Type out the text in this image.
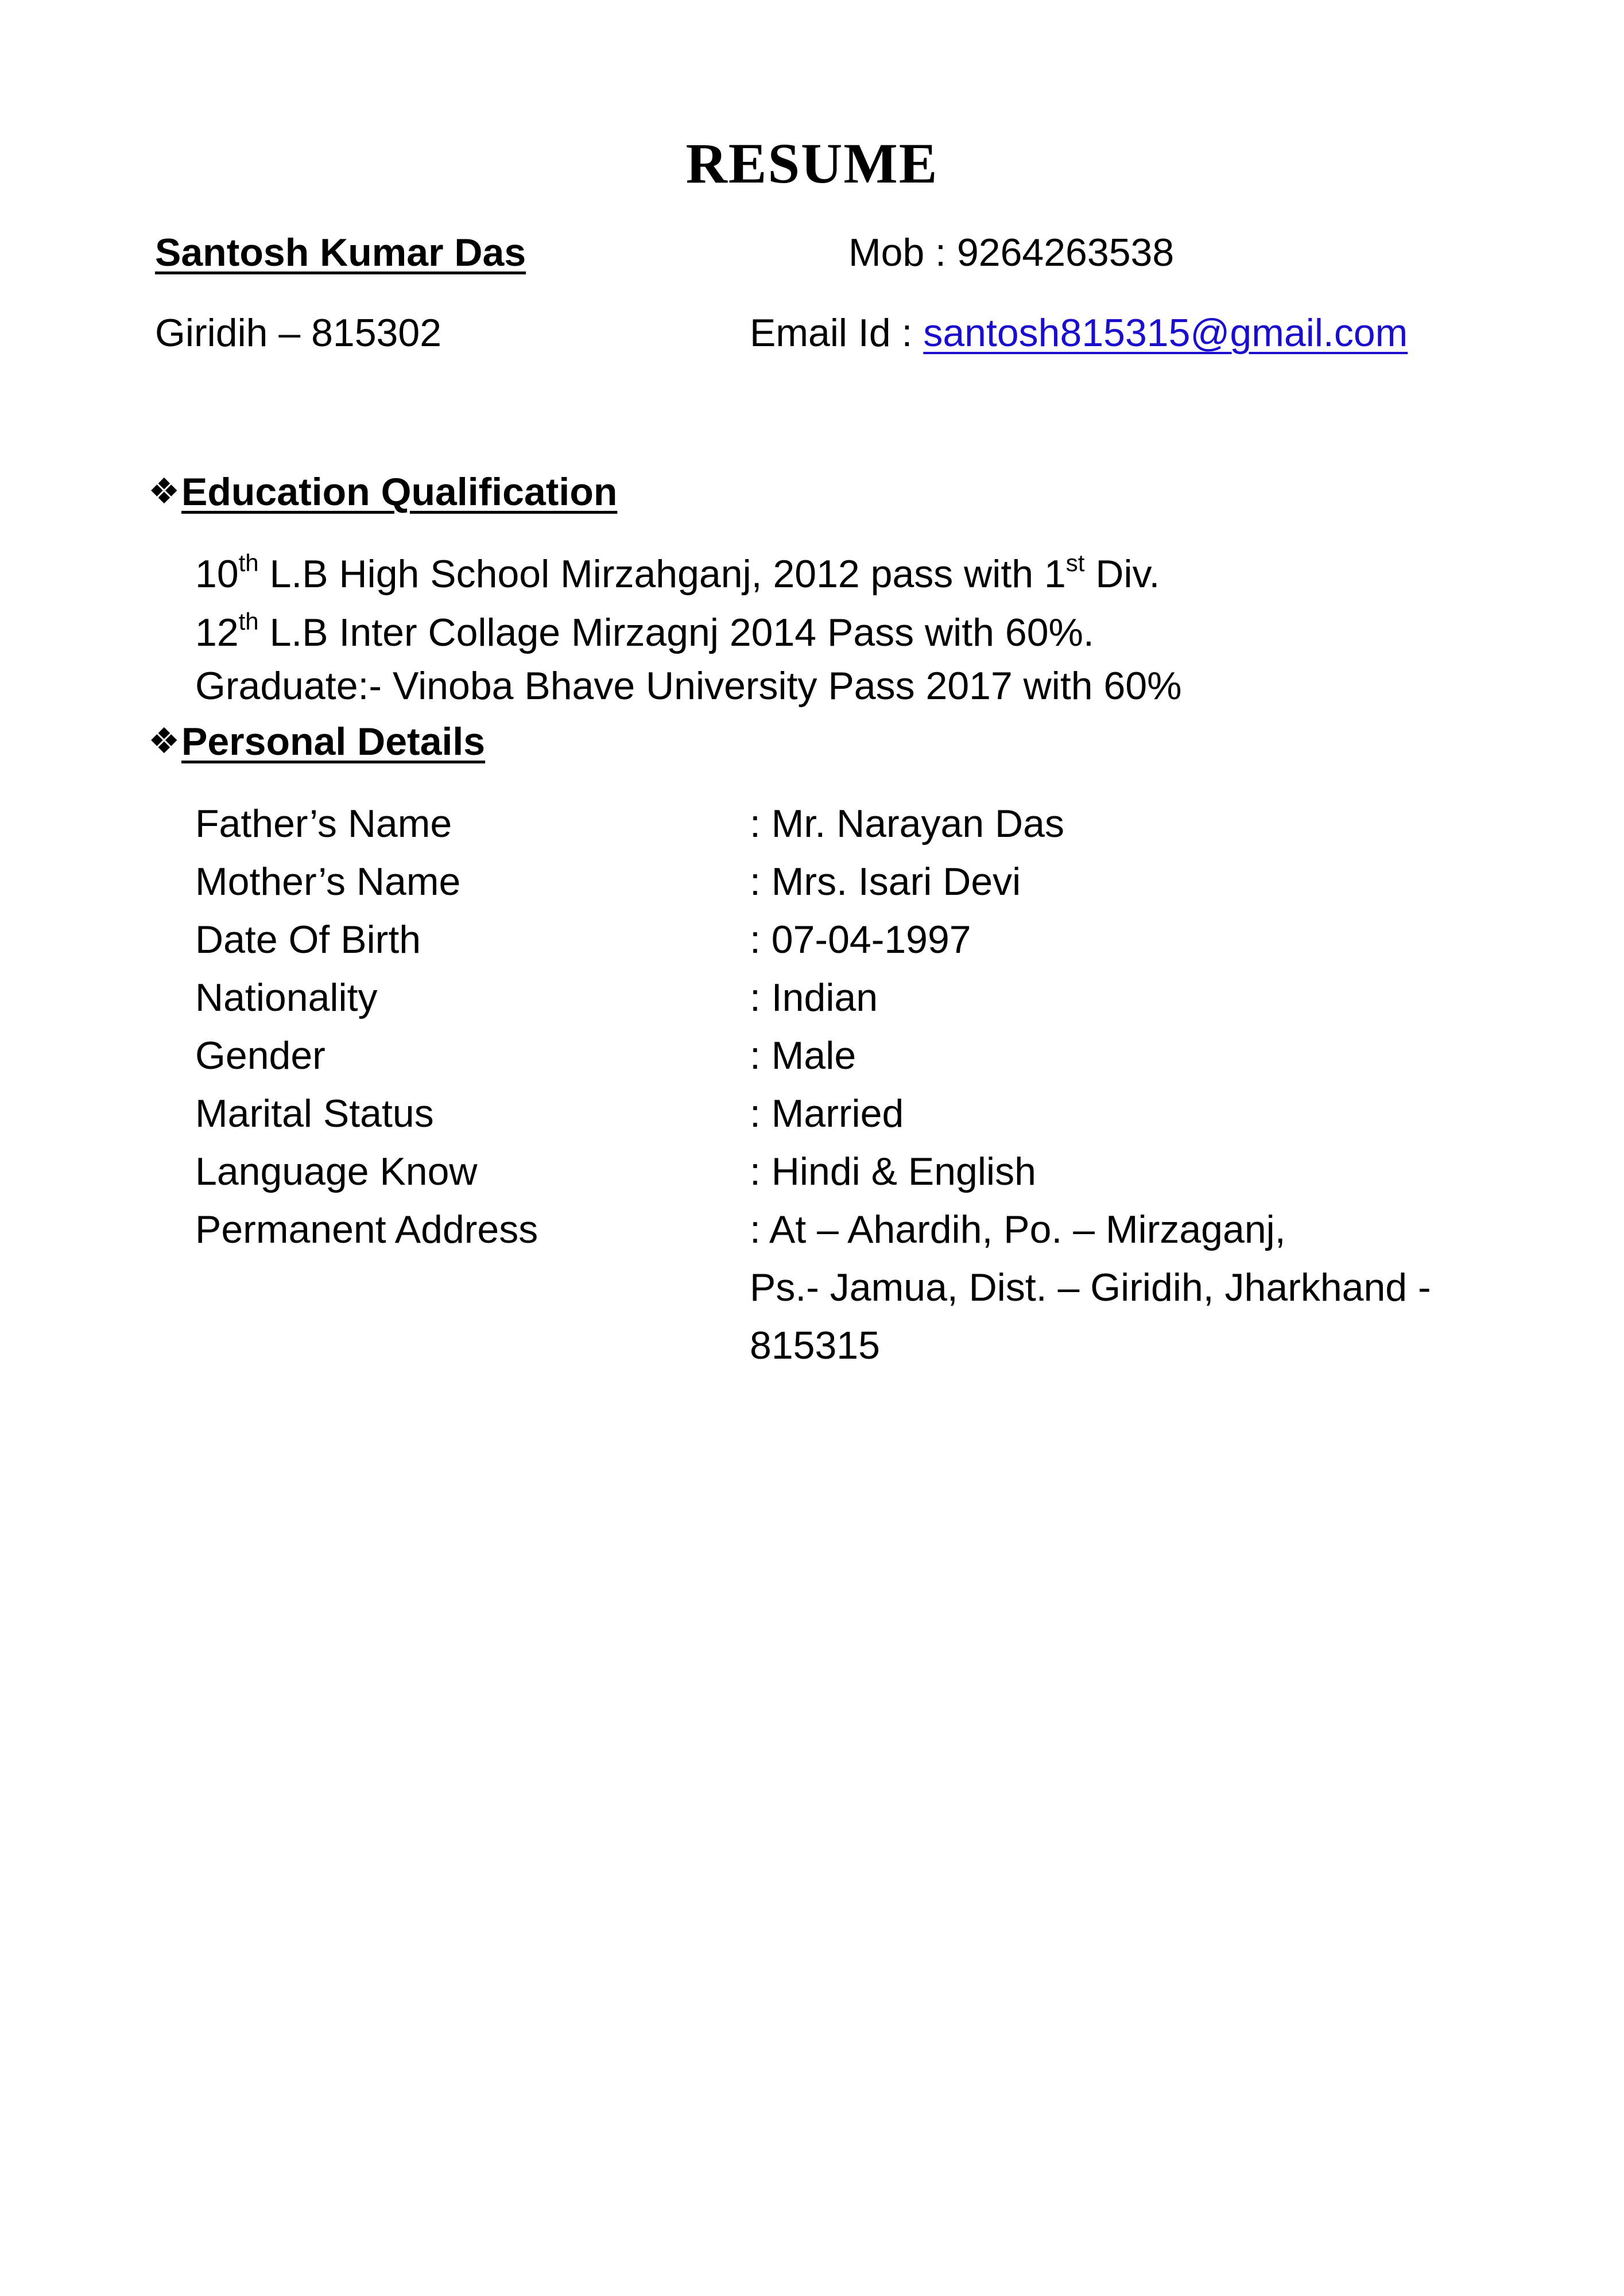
RESUME
Santosh Kumar Das	Mob : 9264263538
Giridih – 815302	Email Id : santosh815315@gmail.com
❖Education Qualification
10th L.B High School Mirzahganj, 2012 pass with 1st Div.
12th L.B Inter Collage Mirzagnj 2014 Pass with 60%.
Graduate:- Vinoba Bhave University Pass 2017 with 60%
❖Personal Details
Father’s Name	: Mr. Narayan Das
Mother’s Name	: Mrs. Isari Devi
Date Of Birth	: 07-04-1997
Nationality	: Indian
Gender	: Male
Marital Status	: Married
Language Know	: Hindi & English
Permanent Address	: At – Ahardih, Po. – Mirzaganj,
Ps.- Jamua, Dist. – Giridih, Jharkhand -
815315
